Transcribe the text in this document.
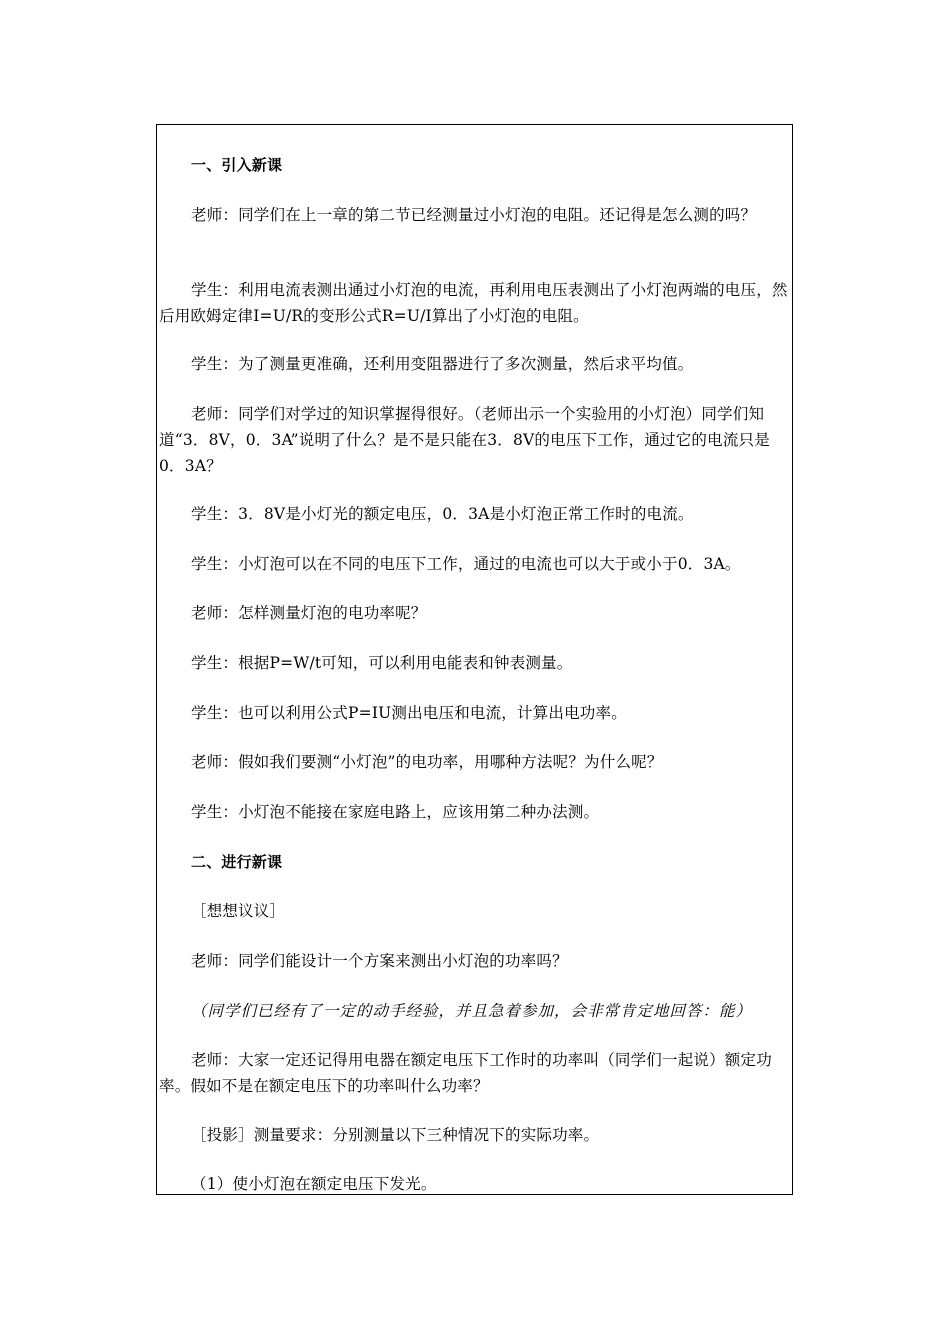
一、引入新课
老师：同学们在上一章的第二节已经测量过小灯泡的电阻。还记得是怎么测的吗？
学生：利用电流表测出通过小灯泡的电流，再利用电压表测出了小灯泡两端的电压，然后用欧姆定律I=U/R的变形公式R=U/I算出了小灯泡的电阻。
学生：为了测量更准确，还利用变阻器进行了多次测量，然后求平均值。
老师：同学们对学过的知识掌握得很好。（老师出示一个实验用的小灯泡）同学们知道“3．8V，0．3A”说明了什么？是不是只能在3．8V的电压下工作，通过它的电流只是0．3A？
学生：3．8V是小灯光的额定电压，0．3A是小灯泡正常工作时的电流。
学生：小灯泡可以在不同的电压下工作，通过的电流也可以大于或小于0．3A。
老师：怎样测量灯泡的电功率呢？
学生：根据P=W/t可知，可以利用电能表和钟表测量。
学生：也可以利用公式P=IU测出电压和电流，计算出电功率。
老师：假如我们要测“小灯泡”的电功率，用哪种方法呢？为什么呢？
学生：小灯泡不能接在家庭电路上，应该用第二种办法测。
二、进行新课
［想想议议］
老师：同学们能设计一个方案来测出小灯泡的功率吗？
（同学们已经有了一定的动手经验，并且急着参加，会非常肯定地回答：能）
老师：大家一定还记得用电器在额定电压下工作时的功率叫（同学们一起说）额定功率。假如不是在额定电压下的功率叫什么功率？
［投影］测量要求：分别测量以下三种情况下的实际功率。
（1）使小灯泡在额定电压下发光。
